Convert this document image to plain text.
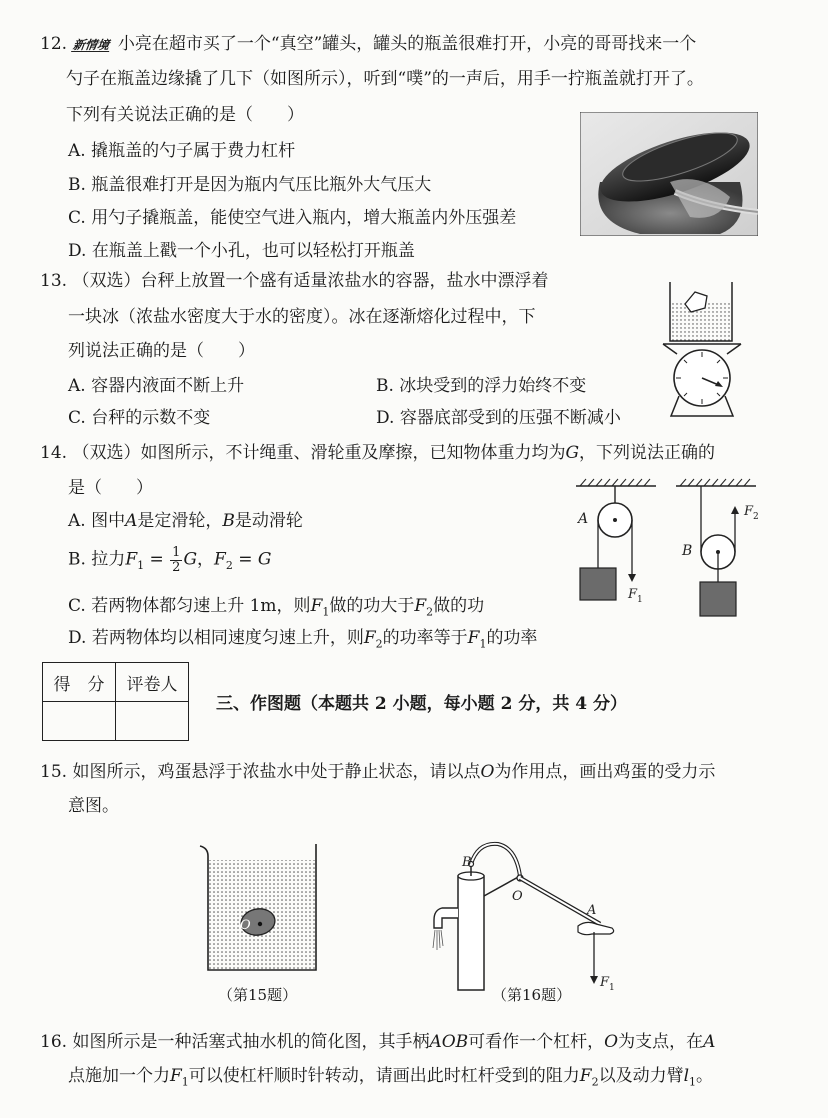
12. 新情境 小亮在超市买了一个“真空”罐头，罐头的瓶盖很难打开，小亮的哥哥找来一个
勺子在瓶盖边缘撬了几下（如图所示），听到“噗”的一声后，用手一拧瓶盖就打开了。
下列有关说法正确的是（　　）
A. 撬瓶盖的勺子属于费力杠杆
B. 瓶盖很难打开是因为瓶内气压比瓶外大气压大
C. 用勺子撬瓶盖，能使空气进入瓶内，增大瓶盖内外压强差
D. 在瓶盖上戳一个小孔，也可以轻松打开瓶盖
13. （双选）台秤上放置一个盛有适量浓盐水的容器，盐水中漂浮着
一块冰（浓盐水密度大于水的密度）。冰在逐渐熔化过程中，下
列说法正确的是（　　）
A. 容器内液面不断上升	B. 冰块受到的浮力始终不变
C. 台秤的示数不变	D. 容器底部受到的压强不断减小
14. （双选）如图所示，不计绳重、滑轮重及摩擦，已知物体重力均为G，下列说法正确的
是（　　）
A. 图中A是定滑轮，B是动滑轮
B. 拉力$F_1 = \frac{1}{2}$ G，$F_2 = G$
C. 若两物体都匀速上升 1m，则$F_1$做的功大于$F_2$做的功
D. 若两物体均以相同速度匀速上升，则$F_2$的功率等于$F_1$的功率
A
F 1
B
F 2
得　分	评卷人

三、作图题（本题共 2 小题，每小题 2 分，共 4 分）
15. 如图所示，鸡蛋悬浮于浓盐水中处于静止状态，请以点O为作用点，画出鸡蛋的受力示
意图。
O
（第15题）
B
O
A
F 1
（第16题）
16. 如图所示是一种活塞式抽水机的简化图，其手柄AOB可看作一个杠杆，O为支点，在A
点施加一个力$F_1$可以使杠杆顺时针转动，请画出此时杠杆受到的阻力$F_2$以及动力臂$l_1$。
